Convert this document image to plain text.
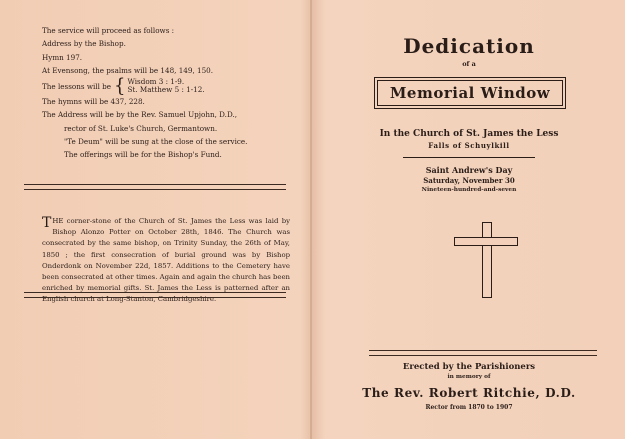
The service will proceed as follows :
Address by the Bishop.
Hymn 197.
At Evensong, the psalms will be 148, 149, 150.
The lessons will be { Wisdom 3 : 1-9.
St. Matthew 5 : 1-12.
The hymns will be 437, 228.
The Address will be by the Rev. Samuel Upjohn, D.D.,
rector of St. Luke's Church, Germantown.
"Te Deum" will be sung at the close of the service.
The offerings will be for the Bishop's Fund.
THE corner-stone of the Church of St. James the Less was laid by Bishop Alonzo Potter on October 28th, 1846. The Church was consecrated by the same bishop, on Trinity Sunday, the 26th of May, 1850 ; the first consecration of burial ground was by Bishop Onderdonk on November 22d, 1857. Additions to the Cemetery have been consecrated at other times. Again and again the church has been enriched by memorial gifts. St. James the Less is patterned after an English church at Long-Stanton, Cambridgeshire.
Dedication
of a
Memorial Window
In the Church of St. James the Less
Falls of Schuylkill
Saint Andrew's Day
Saturday, November 30
Nineteen-hundred-and-seven
Erected by the Parishioners
in memory of
The Rev. Robert Ritchie, D.D.
Rector from 1870 to 1907
